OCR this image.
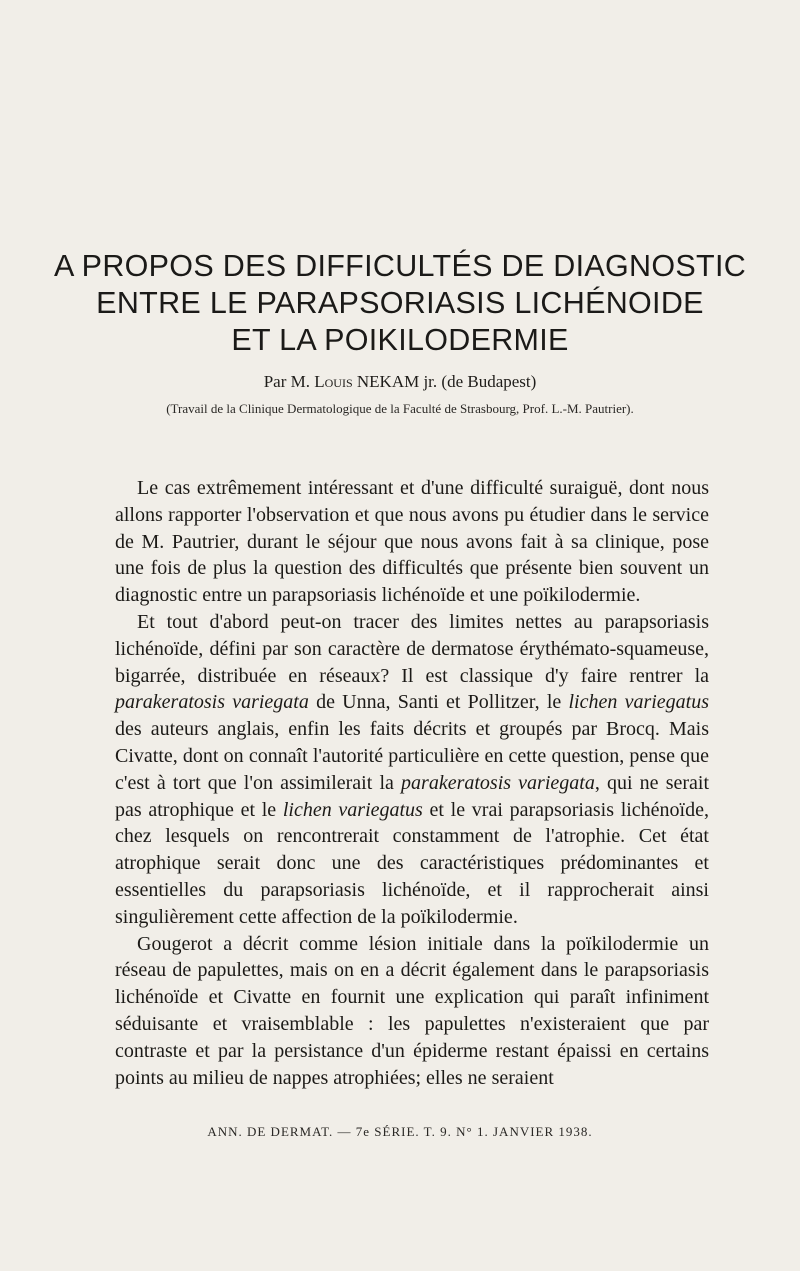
A PROPOS DES DIFFICULTÉS DE DIAGNOSTIC
ENTRE LE PARAPSORIASIS LICHÉNOIDE
ET LA POIKILODERMIE
Par M. Louis NEKAM jr. (de Budapest)
(Travail de la Clinique Dermatologique de la Faculté de Strasbourg, Prof. L.-M. Pautrier).

Le cas extrêmement intéressant et d'une difficulté suraiguë, dont nous allons rapporter l'observation et que nous avons pu étudier dans le service de M. Pautrier, durant le séjour que nous avons fait à sa clinique, pose une fois de plus la question des difficultés que présente bien souvent un diagnostic entre un parapsoriasis lichénoïde et une poïkilodermie.

Et tout d'abord peut-on tracer des limites nettes au parapsoriasis lichénoïde, défini par son caractère de dermatose érythémato-squameuse, bigarrée, distribuée en réseaux? Il est classique d'y faire rentrer la parakeratosis variegata de Unna, Santi et Pollitzer, le lichen variegatus des auteurs anglais, enfin les faits décrits et groupés par Brocq. Mais Civatte, dont on connaît l'autorité particulière en cette question, pense que c'est à tort que l'on assimilerait la parakeratosis variegata, qui ne serait pas atrophique et le lichen variegatus et le vrai parapsoriasis lichénoïde, chez lesquels on rencontrerait constamment de l'atrophie. Cet état atrophique serait donc une des caractéristiques prédominantes et essentielles du parapsoriasis lichénoïde, et il rapprocherait ainsi singulièrement cette affection de la poïkilodermie.

Gougerot a décrit comme lésion initiale dans la poïkilodermie un réseau de papulettes, mais on en a décrit également dans le parapsoriasis lichénoïde et Civatte en fournit une explication qui paraît infiniment séduisante et vraisemblable : les papulettes n'existeraient que par contraste et par la persistance d'un épiderme restant épaissi en certains points au milieu de nappes atrophiées; elles ne seraient

ANN. DE DERMAT. — 7e SÉRIE. T. 9. N° 1. JANVIER 1938.
